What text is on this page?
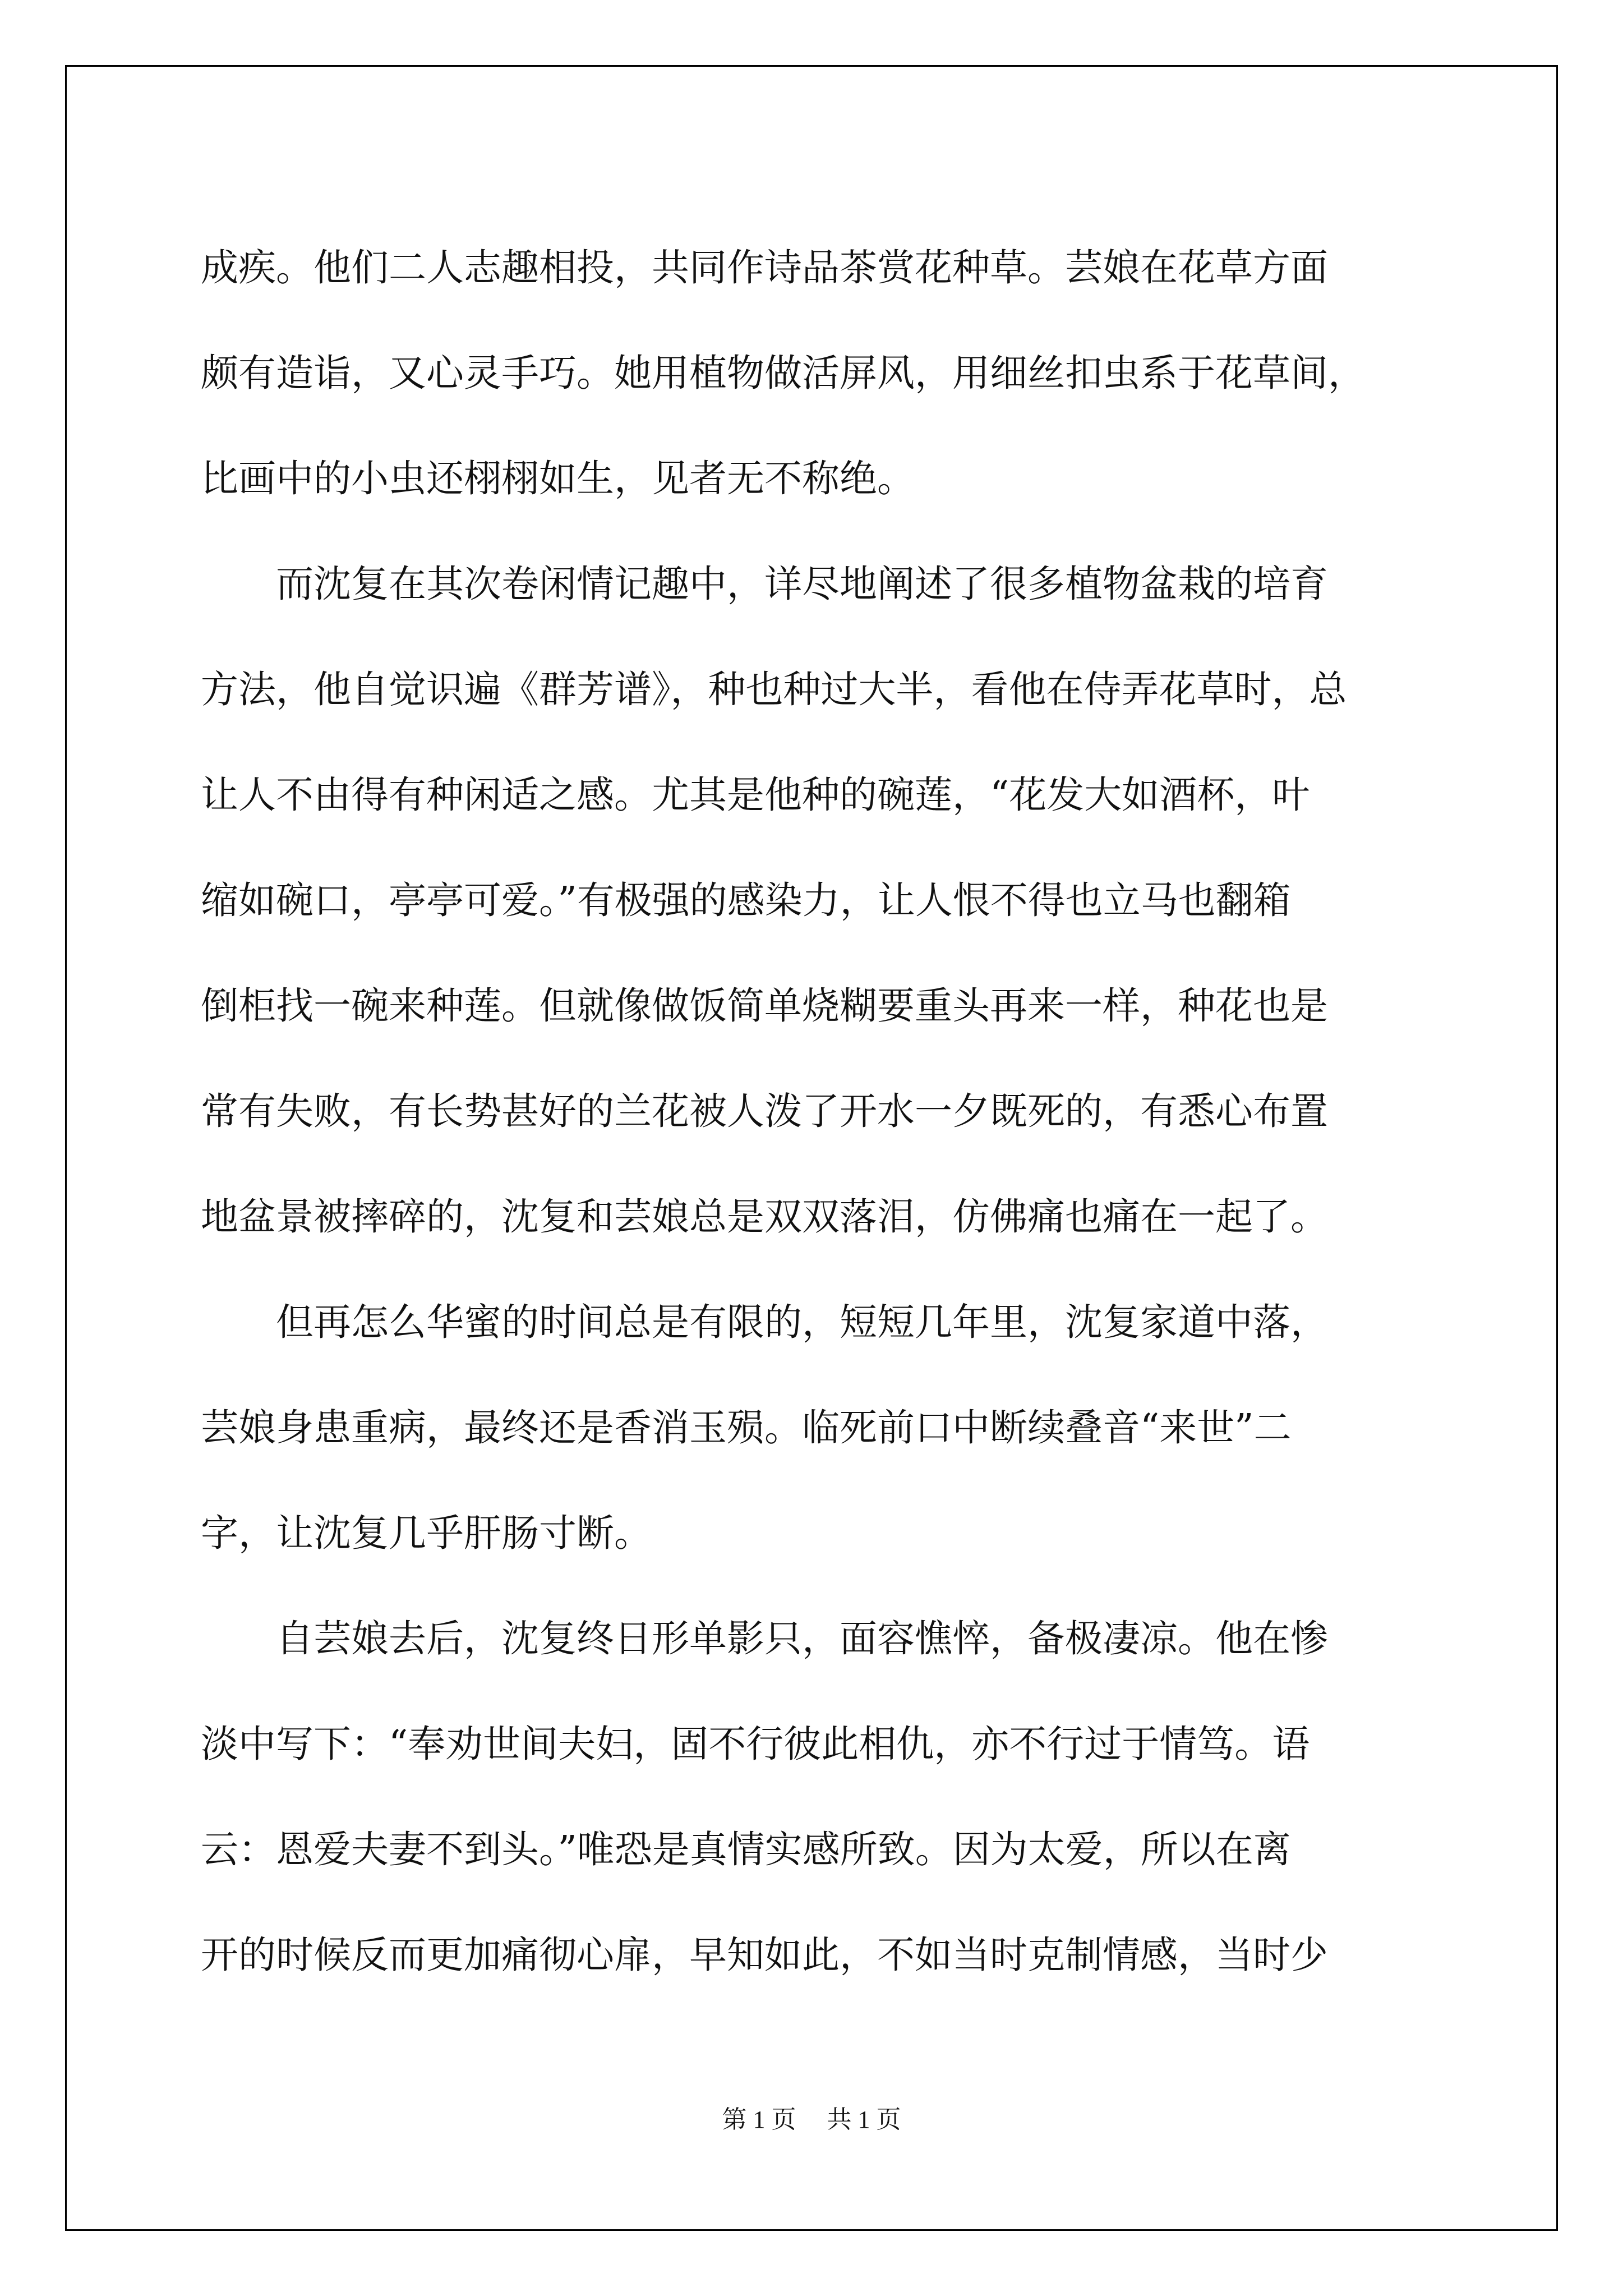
成疾。他们二人志趣相投，共同作诗品茶赏花种草。芸娘在花草方面
颇有造诣，又心灵手巧。她用植物做活屏风，用细丝扣虫系于花草间，
比画中的小虫还栩栩如生，见者无不称绝。
　　而沈复在其次卷闲情记趣中，详尽地阐述了很多植物盆栽的培育
方法，他自觉识遍《群芳谱》，种也种过大半，看他在侍弄花草时，总
让人不由得有种闲适之感。尤其是他种的碗莲，“花发大如酒杯，叶
缩如碗口，亭亭可爱。”有极强的感染力，让人恨不得也立马也翻箱
倒柜找一碗来种莲。但就像做饭简单烧糊要重头再来一样，种花也是
常有失败，有长势甚好的兰花被人泼了开水一夕既死的，有悉心布置
地盆景被摔碎的，沈复和芸娘总是双双落泪，仿佛痛也痛在一起了。
　　但再怎么华蜜的时间总是有限的，短短几年里，沈复家道中落，
芸娘身患重病，最终还是香消玉殒。临死前口中断续叠音“来世”二
字，让沈复几乎肝肠寸断。
　　自芸娘去后，沈复终日形单影只，面容憔悴，备极凄凉。他在惨
淡中写下：“奉劝世间夫妇，固不行彼此相仇，亦不行过于情笃。语
云：恩爱夫妻不到头。”唯恐是真情实感所致。因为太爱，所以在离
开的时候反而更加痛彻心扉，早知如此，不如当时克制情感，当时少
第 1 页　 共 1 页
